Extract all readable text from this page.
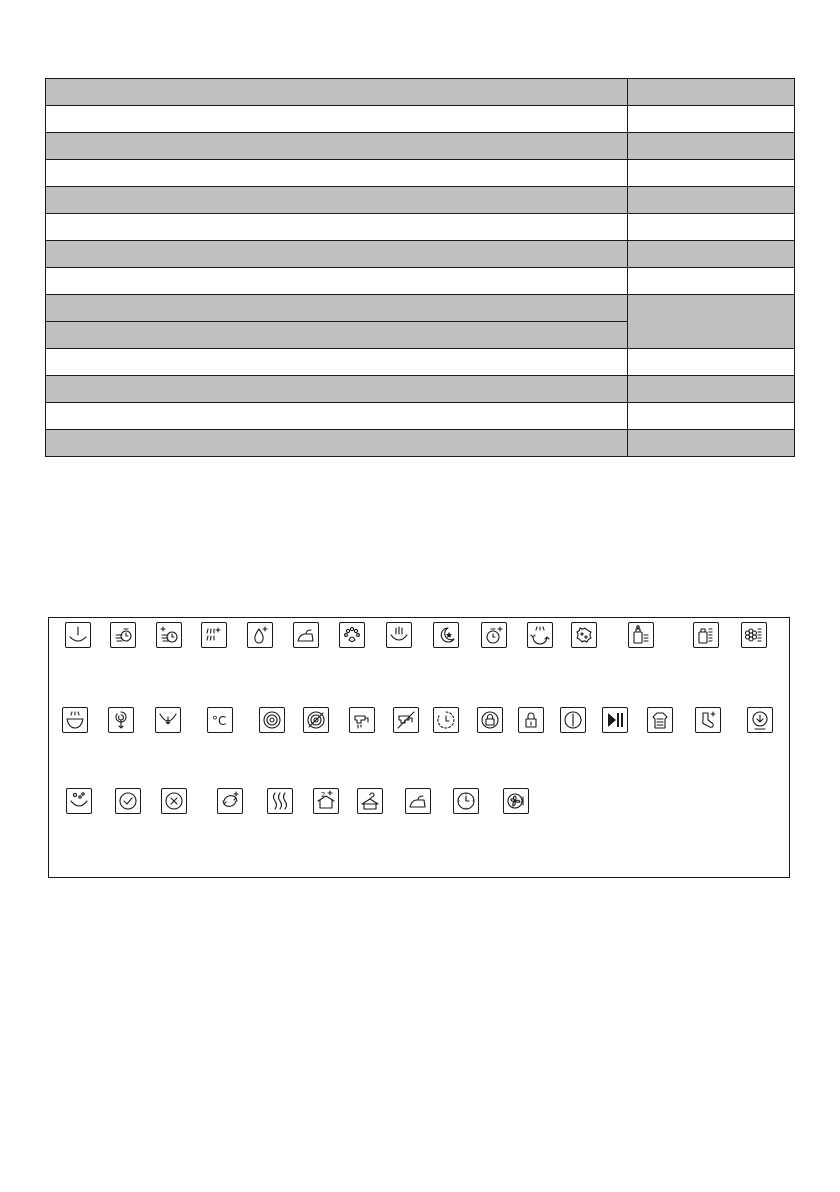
°C
2
